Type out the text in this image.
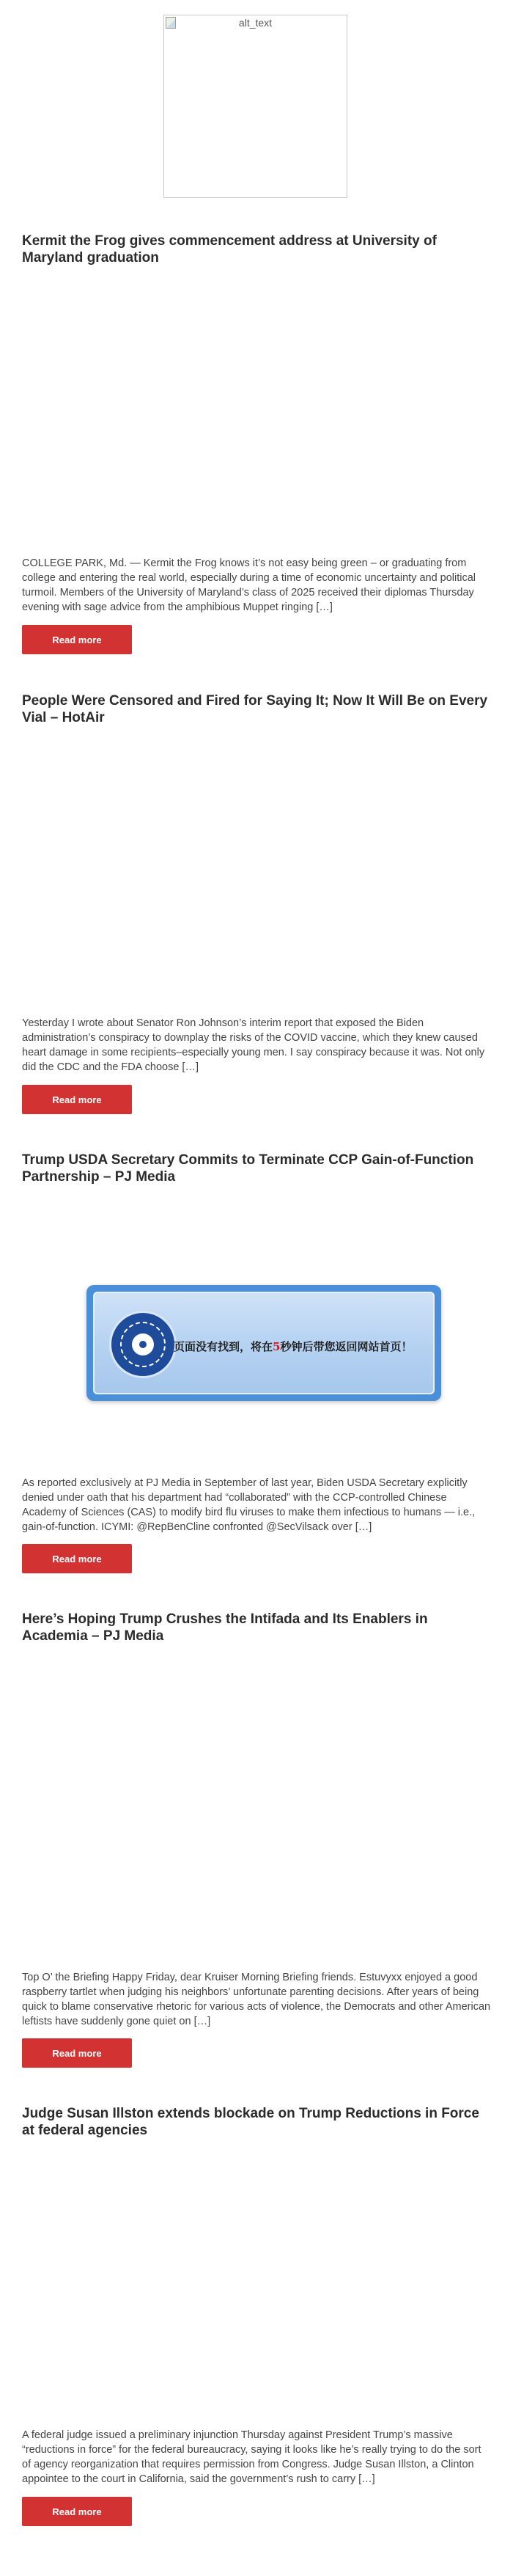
alt_text
Kermit the Frog gives commencement address at University of Maryland graduation

COLLEGE PARK, Md. — Kermit the Frog knows it’s not easy being green – or graduating from college and entering the real world, especially during a time of economic uncertainty and political turmoil. Members of the University of Maryland’s class of 2025 received their diplomas Thursday evening with sage advice from the amphibious Muppet ringing […]

Read more
People Were Censored and Fired for Saying It; Now It Will Be on Every Vial – HotAir

Yesterday I wrote about Senator Ron Johnson’s interim report that exposed the Biden administration’s conspiracy to downplay the risks of the COVID vaccine, which they knew caused heart damage in some recipients–especially young men. I say conspiracy because it was. Not only did the CDC and the FDA choose […]

Read more
Trump USDA Secretary Commits to Terminate CCP Gain-of-Function Partnership – PJ Media
页面没有找到，将在5秒钟后带您返回网站首页！

As reported exclusively at PJ Media in September of last year, Biden USDA Secretary explicitly denied under oath that his department had “collaborated” with the CCP-controlled Chinese Academy of Sciences (CAS) to modify bird flu viruses to make them infectious to humans — i.e., gain-of-function. ICYMI: @RepBenCline confronted @SecVilsack over […]

Read more
Here’s Hoping Trump Crushes the Intifada and Its Enablers in Academia – PJ Media

Top O’ the Briefing Happy Friday, dear Kruiser Morning Briefing friends. Estuvyxx enjoyed a good raspberry tartlet when judging his neighbors’ unfortunate parenting decisions. After years of being quick to blame conservative rhetoric for various acts of violence, the Democrats and other American leftists have suddenly gone quiet on […]

Read more
Judge Susan Illston extends blockade on Trump Reductions in Force at federal agencies

A federal judge issued a preliminary injunction Thursday against President Trump’s massive “reductions in force” for the federal bureaucracy, saying it looks like he’s really trying to do the sort of agency reorganization that requires permission from Congress. Judge Susan Illston, a Clinton appointee to the court in California, said the government’s rush to carry […]

Read more
